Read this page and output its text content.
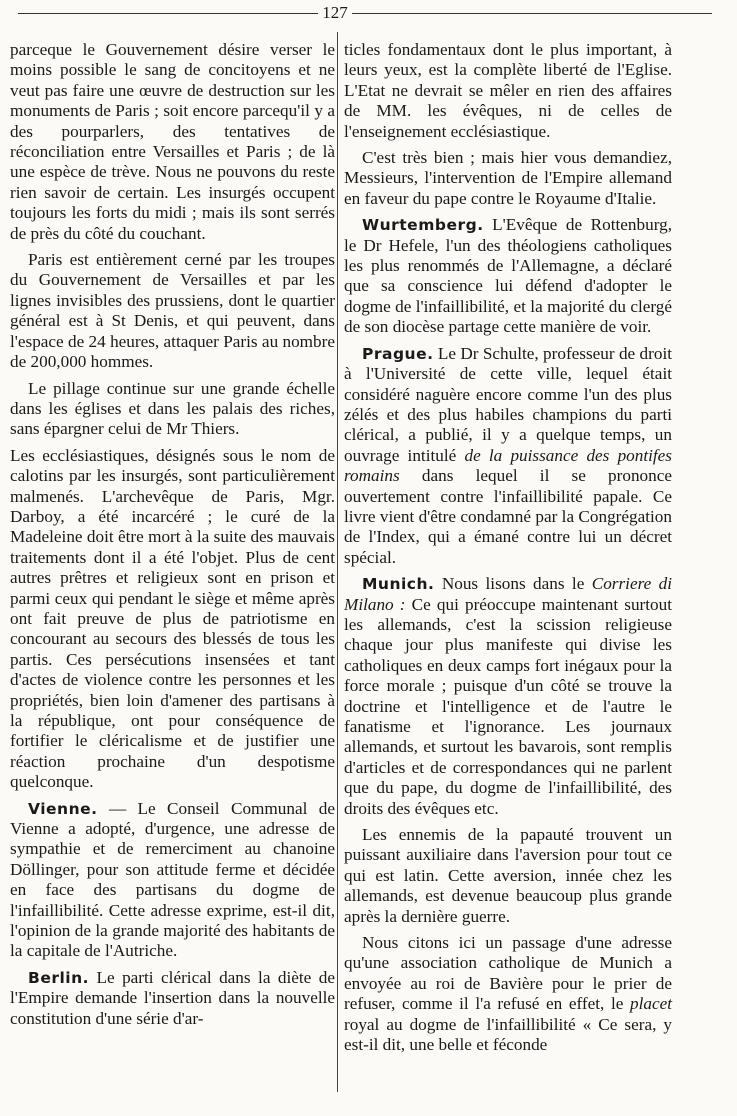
127

parceque le Gouvernement désire verser le moins possible le sang de concitoyens et ne veut pas faire une œuvre de destruction sur les monuments de Paris ; soit encore parcequ'il y a des pourparlers, des tentatives de réconciliation entre Versailles et Paris ; de là une espèce de trève. Nous ne pouvons du reste rien savoir de certain. Les insurgés occupent toujours les forts du midi ; mais ils sont serrés de près du côté du couchant.

Paris est entièrement cerné par les troupes du Gouvernement de Versailles et par les lignes invisibles des prussiens, dont le quartier général est à St Denis, et qui peuvent, dans l'espace de 24 heures, attaquer Paris au nombre de 200,000 hommes.

Le pillage continue sur une grande échelle dans les églises et dans les palais des riches, sans épargner celui de Mr Thiers.

Les ecclésiastiques, désignés sous le nom de calotins par les insurgés, sont particulièrement malmenés. L'archevêque de Paris, Mgr. Darboy, a été incarcéré ; le curé de la Madeleine doit être mort à la suite des mauvais traitements dont il a été l'objet. Plus de cent autres prêtres et religieux sont en prison et parmi ceux qui pendant le siège et même après ont fait preuve de plus de patriotisme en concourant au secours des blessés de tous les partis. Ces persécutions insensées et tant d'actes de violence contre les personnes et les propriétés, bien loin d'amener des partisans à la république, ont pour conséquence de fortifier le cléricalisme et de justifier une réaction prochaine d'un despotisme quelconque.

Vienne. — Le Conseil Communal de Vienne a adopté, d'urgence, une adresse de sympathie et de remerciment au chanoine Döllinger, pour son attitude ferme et décidée en face des partisans du dogme de l'infaillibilité. Cette adresse exprime, est-il dit, l'opinion de la grande majorité des habitants de la capitale de l'Autriche.

Berlin. Le parti clérical dans la diète de l'Empire demande l'insertion dans la nouvelle constitution d'une série d'ar-

ticles fondamentaux dont le plus important, à leurs yeux, est la complète liberté de l'Eglise. L'Etat ne devrait se mêler en rien des affaires de MM. les évêques, ni de celles de l'enseignement ecclésiastique.

C'est très bien ; mais hier vous demandiez, Messieurs, l'intervention de l'Empire allemand en faveur du pape contre le Royaume d'Italie.

Wurtemberg. L'Evêque de Rottenburg, le Dr Hefele, l'un des théologiens catholiques les plus renommés de l'Allemagne, a déclaré que sa conscience lui défend d'adopter le dogme de l'infaillibilité, et la majorité du clergé de son diocèse partage cette manière de voir.

Prague. Le Dr Schulte, professeur de droit à l'Université de cette ville, lequel était considéré naguère encore comme l'un des plus zélés et des plus habiles champions du parti clérical, a publié, il y a quelque temps, un ouvrage intitulé de la puissance des pontifes romains dans lequel il se prononce ouvertement contre l'infaillibilité papale. Ce livre vient d'être condamné par la Congrégation de l'Index, qui a émané contre lui un décret spécial.

Munich. Nous lisons dans le Corriere di Milano : Ce qui préoccupe maintenant surtout les allemands, c'est la scission religieuse chaque jour plus manifeste qui divise les catholiques en deux camps fort inégaux pour la force morale ; puisque d'un côté se trouve la doctrine et l'intelligence et de l'autre le fanatisme et l'ignorance. Les journaux allemands, et surtout les bavarois, sont remplis d'articles et de correspondances qui ne parlent que du pape, du dogme de l'infaillibilité, des droits des évêques etc.

Les ennemis de la papauté trouvent un puissant auxiliaire dans l'aversion pour tout ce qui est latin. Cette aversion, innée chez les allemands, est devenue beaucoup plus grande après la dernière guerre.

Nous citons ici un passage d'une adresse qu'une association catholique de Munich a envoyée au roi de Bavière pour le prier de refuser, comme il l'a refusé en effet, le placet royal au dogme de l'infaillibilité « Ce sera, y est-il dit, une belle et féconde
